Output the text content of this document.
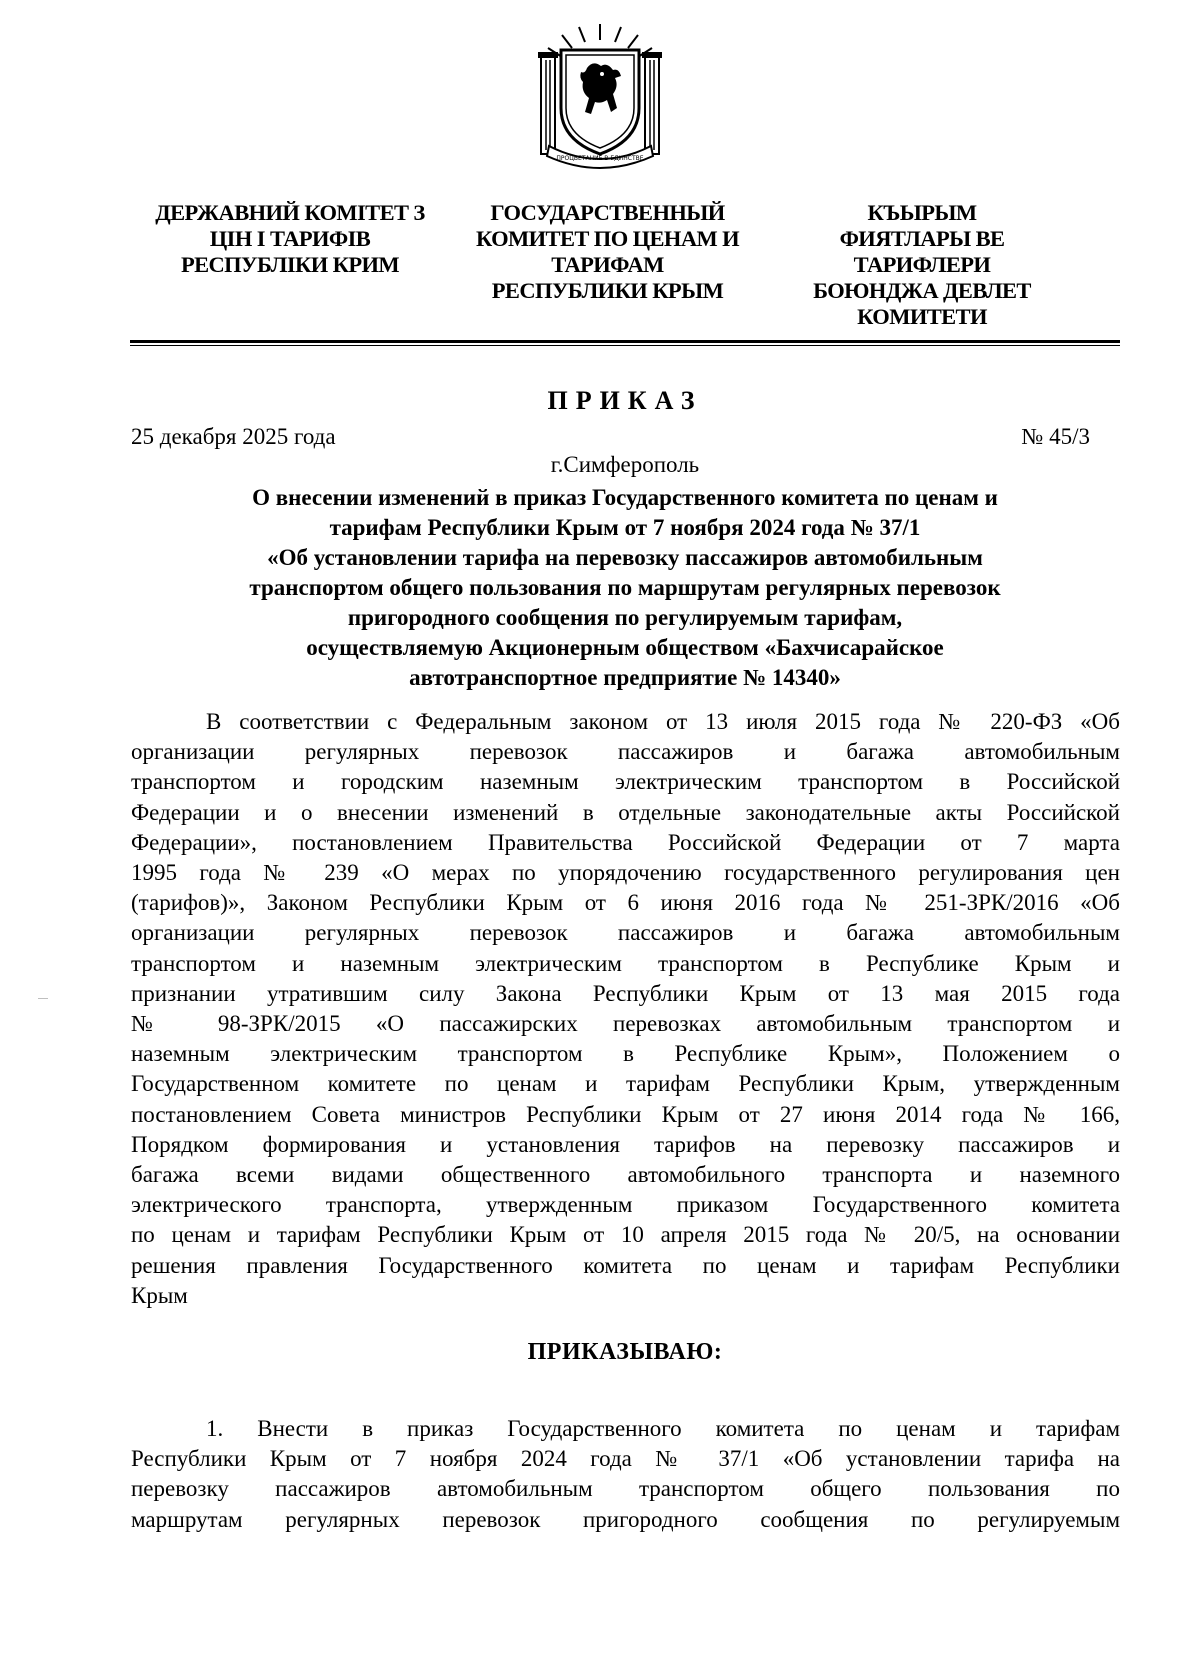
ПРОЦВЕТАНИЕ В ЕДИНСТВЕ
ДЕРЖАВНИЙ КОМІТЕТ З
ЦІН І ТАРИФІВ
РЕСПУБЛІКИ КРИМ
ГОСУДАРСТВЕННЫЙ
КОМИТЕТ ПО ЦЕНАМ И
ТАРИФАМ
РЕСПУБЛИКИ КРЫМ
КЪЫРЫМ
ФИЯТЛАРЫ ВЕ ТАРИФЛЕРИ
БОЮНДЖА ДЕВЛЕТ
КОМИТЕТИ
ПРИКАЗ
25 декабря 2025 года	№ 45/3
г.Симферополь
О внесении изменений в приказ Государственного комитета по ценам и
тарифам Республики Крым от 7 ноября 2024 года № 37/1
«Об установлении тарифа на перевозку пассажиров автомобильным
транспортом общего пользования по маршрутам регулярных перевозок
пригородного сообщения по регулируемым тарифам,
осуществляемую Акционерным обществом «Бахчисарайское
автотранспортное предприятие № 14340»
В соответствии с Федеральным законом от 13 июля 2015 года № 220-ФЗ «Об
организации регулярных перевозок пассажиров и багажа автомобильным
транспортом и городским наземным электрическим транспортом в Российской
Федерации и о внесении изменений в отдельные законодательные акты Российской
Федерации», постановлением Правительства Российской Федерации от 7 марта
1995 года № 239 «О мерах по упорядочению государственного регулирования цен
(тарифов)», Законом Республики Крым от 6 июня 2016 года № 251-ЗРК/2016 «Об
организации регулярных перевозок пассажиров и багажа автомобильным
транспортом и наземным электрическим транспортом в Республике Крым и
признании утратившим силу Закона Республики Крым от 13 мая 2015 года
№ 98-ЗРК/2015 «О пассажирских перевозках автомобильным транспортом и
наземным электрическим транспортом в Республике Крым», Положением о
Государственном комитете по ценам и тарифам Республики Крым, утвержденным
постановлением Совета министров Республики Крым от 27 июня 2014 года № 166,
Порядком формирования и установления тарифов на перевозку пассажиров и
багажа всеми видами общественного автомобильного транспорта и наземного
электрического транспорта, утвержденным приказом Государственного комитета
по ценам и тарифам Республики Крым от 10 апреля 2015 года № 20/5, на основании
решения правления Государственного комитета по ценам и тарифам Республики
Крым
ПРИКАЗЫВАЮ:
1. Внести в приказ Государственного комитета по ценам и тарифам
Республики Крым от 7 ноября 2024 года № 37/1 «Об установлении тарифа на
перевозку пассажиров автомобильным транспортом общего пользования по
маршрутам регулярных перевозок пригородного сообщения по регулируемым
